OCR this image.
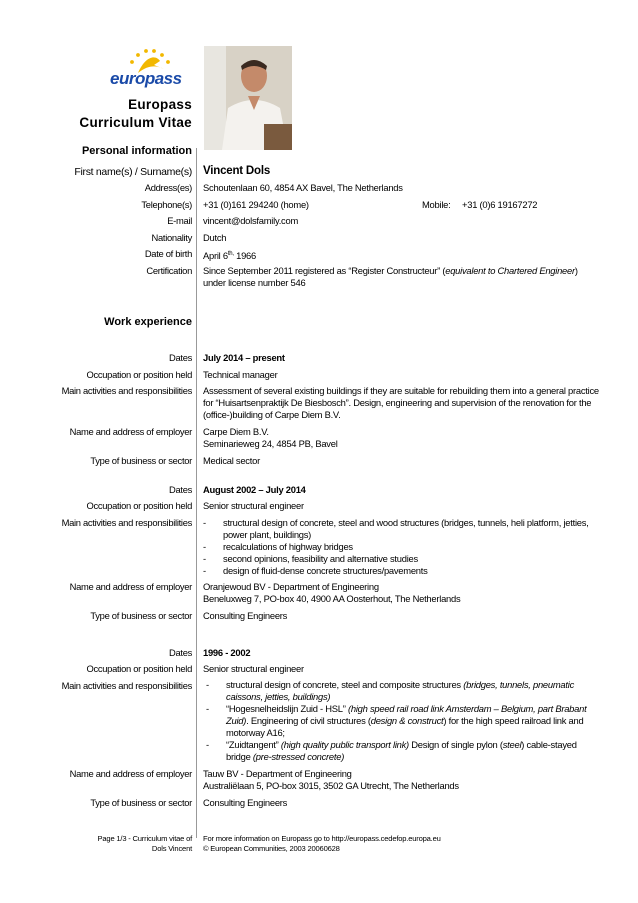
europass
Europass
Curriculum Vitae
Personal information
First name(s) / Surname(s) Vincent Dols
Address(es) Schoutenlaan 60, 4854 AX Bavel, The Netherlands
Telephone(s) +31 (0)161 294240 (home)	Mobile: +31 (0)6 19167272
E-mail vincent@dolsfamily.com
Nationality Dutch
Date of birth April $6^{th,}$ 1966
Certification Since September 2011 registered as “Register Constructeur” (equivalent to Chartered Engineer)
under license number 546
Work experience
Dates July 2014 – present
Occupation or position held Technical manager
Main activities and responsibilities Assessment of several existing buildings if they are suitable for rebuilding them into a general practice for “Huisartsenpraktijk De Biesbosch”. Design, engineering and supervision of the renovation for the (office-)building of Carpe Diem B.V.
Name and address of employer Carpe Diem B.V.
Seminarieweg 24, 4854 PB, Bavel
Type of business or sector Medical sector
Dates August 2002 – July 2014
Occupation or position held Senior structural engineer
Main activities and responsibilities	- structural design of concrete, steel and wood structures (bridges, tunnels, heli platform, jetties, power plant, buildings)
- recalculations of highway bridges
- second opinions, feasibility and alternative studies
- design of fluid-dense concrete structures/pavements
Name and address of employer Oranjewoud BV - Department of Engineering
Beneluxweg 7, PO-box 40, 4900 AA Oosterhout, The Netherlands
Type of business or sector Consulting Engineers
Dates 1996 - 2002
Occupation or position held Senior structural engineer
Main activities and responsibilities	- structural design of concrete, steel and composite structures (bridges, tunnels, pneumatic caissons, jetties, buildings)
- “Hogesnelheidslijn Zuid - HSL” (high speed rail road link Amsterdam – Belgium, part Brabant Zuid). Engineering of civil structures (design & construct) for the high speed railroad link and motorway A16;
- “Zuidtangent” (high quality public transport link) Design of single pylon (steel) cable-stayed bridge (pre-stressed concrete)
Name and address of employer Tauw BV - Department of Engineering
Australiëlaan 5, PO-box 3015, 3502 GA Utrecht, The Netherlands
Type of business or sector Consulting Engineers
Page 1/3 - Curriculum vitae of
Dols Vincent
For more information on Europass go to http://europass.cedefop.europa.eu
© European Communities, 2003 20060628
